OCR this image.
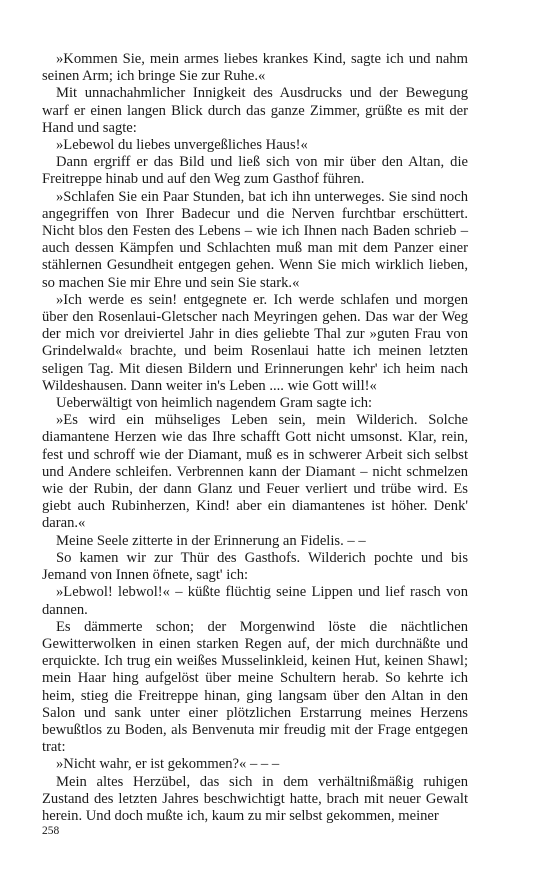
»Kommen Sie, mein armes liebes krankes Kind, sagte ich und nahm seinen Arm; ich bringe Sie zur Ruhe.«

Mit unnachahmlicher Innigkeit des Ausdrucks und der Bewegung warf er einen langen Blick durch das ganze Zimmer, grüßte es mit der Hand und sagte:

»Lebewol du liebes unvergeßliches Haus!«

Dann ergriff er das Bild und ließ sich von mir über den Altan, die Freitreppe hinab und auf den Weg zum Gasthof führen.

»Schlafen Sie ein Paar Stunden, bat ich ihn unterweges. Sie sind noch angegriffen von Ihrer Badecur und die Nerven furchtbar erschüttert. Nicht blos den Festen des Lebens – wie ich Ihnen nach Baden schrieb – auch dessen Kämpfen und Schlachten muß man mit dem Panzer einer stählernen Gesundheit entgegen gehen. Wenn Sie mich wirklich lieben, so machen Sie mir Ehre und sein Sie stark.«

»Ich werde es sein! entgegnete er. Ich werde schlafen und morgen über den Rosenlaui-Gletscher nach Meyringen gehen. Das war der Weg der mich vor dreiviertel Jahr in dies geliebte Thal zur »guten Frau von Grindelwald« brachte, und beim Rosenlaui hatte ich meinen letzten seligen Tag. Mit diesen Bildern und Erinnerungen kehr' ich heim nach Wildeshausen. Dann weiter in's Leben .... wie Gott will!«

Ueberwältigt von heimlich nagendem Gram sagte ich:

»Es wird ein mühseliges Leben sein, mein Wilderich. Solche diamantene Herzen wie das Ihre schafft Gott nicht umsonst. Klar, rein, fest und schroff wie der Diamant, muß es in schwerer Arbeit sich selbst und Andere schleifen. Verbrennen kann der Diamant – nicht schmelzen wie der Rubin, der dann Glanz und Feuer verliert und trübe wird. Es giebt auch Rubinherzen, Kind! aber ein diamantenes ist höher. Denk' daran.«

Meine Seele zitterte in der Erinnerung an Fidelis. – –

So kamen wir zur Thür des Gasthofs. Wilderich pochte und bis Jemand von Innen öfnete, sagt' ich:

»Lebwol! lebwol!« – küßte flüchtig seine Lippen und lief rasch von dannen.

Es dämmerte schon; der Morgenwind löste die nächtlichen Gewitterwolken in einen starken Regen auf, der mich durchnäßte und erquickte. Ich trug ein weißes Musselinkleid, keinen Hut, keinen Shawl; mein Haar hing aufgelöst über meine Schultern herab. So kehrte ich heim, stieg die Freitreppe hinan, ging langsam über den Altan in den Salon und sank unter einer plötzlichen Erstarrung meines Herzens bewußtlos zu Boden, als Benvenuta mir freudig mit der Frage entgegen trat:

»Nicht wahr, er ist gekommen?« – – –

Mein altes Herzübel, das sich in dem verhältnißmäßig ruhigen Zustand des letzten Jahres beschwichtigt hatte, brach mit neuer Gewalt herein. Und doch mußte ich, kaum zu mir selbst gekommen, meiner

258
